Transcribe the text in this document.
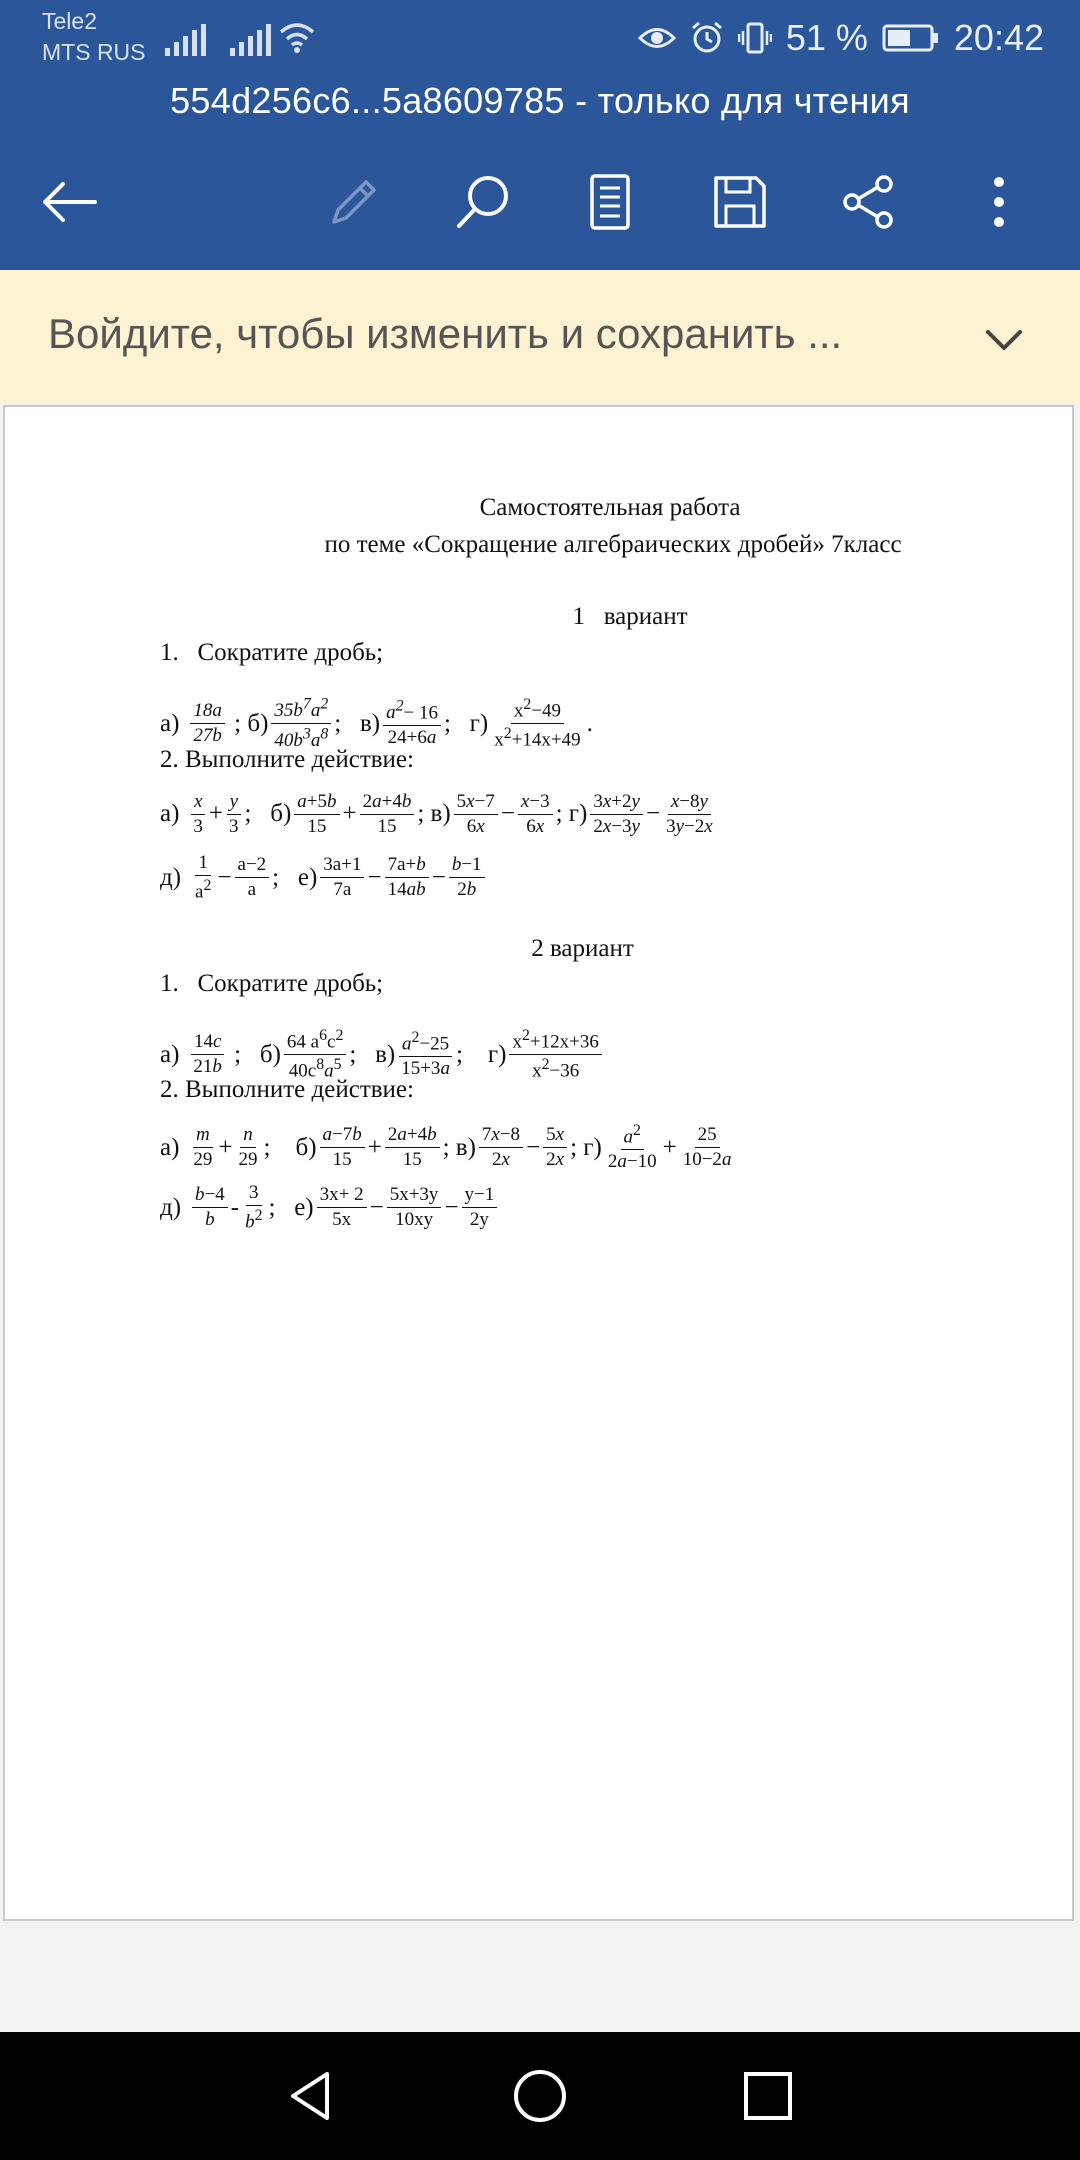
Tele2
MTS RUS	51 % 20:42
554d256c6...5a8609785 - только для чтения
Войдите, чтобы изменить и сохранить ...
Самостоятельная работа
по теме «Сокращение алгебраических дробей» 7класс
1   вариант
1.   Сократите дробь;
$а) \frac{18a}{27b}$ ; $б) \frac{35b^7a^2}{40b^3a^8}$ ;   $в) \frac{a^2- 16}{24+6a}$ ;   $г) \frac{x^2-49}{x^2+14x+49}$ .
2. Выполните действие:
$а) \frac{x}{3} + \frac{y}{3}$ ;   $б) \frac{a+5b}{15} + \frac{2a+4b}{15}$ ; $в) \frac{5x-7}{6x} - \frac{x-3}{6x}$ ; $г) \frac{3x+2y}{2x-3y} - \frac{x-8y}{3y-2x}$
$д) \frac{1}{a^2} - \frac{a-2}{a}$ ;   $е) \frac{3a+1}{7a} - \frac{7a+b}{14ab} - \frac{b-1}{2b}$
2 вариант
1.   Сократите дробь;
$а) \frac{14c}{21b}$ ;   $б) \frac{64 a^6c^2}{40c^8a^5}$ ;   $в) \frac{a^2-25}{15+3a}$ ;    $г) \frac{x^2+12x+36}{x^2-36}$
2. Выполните действие:
$а) \frac{m}{29} + \frac{n}{29}$ ;    $б) \frac{a-7b}{15} + \frac{2a+4b}{15}$ ; $в) \frac{7x-8}{2x} - \frac{5x}{2x}$ ; $г) \frac{a^2}{2a-10} + \frac{25}{10-2a}$
$д) \frac{b-4}{b} - \frac{3}{b^2}$ ;   $е) \frac{3x+ 2}{5x} - \frac{5x+3y}{10xy} - \frac{y-1}{2y}$
